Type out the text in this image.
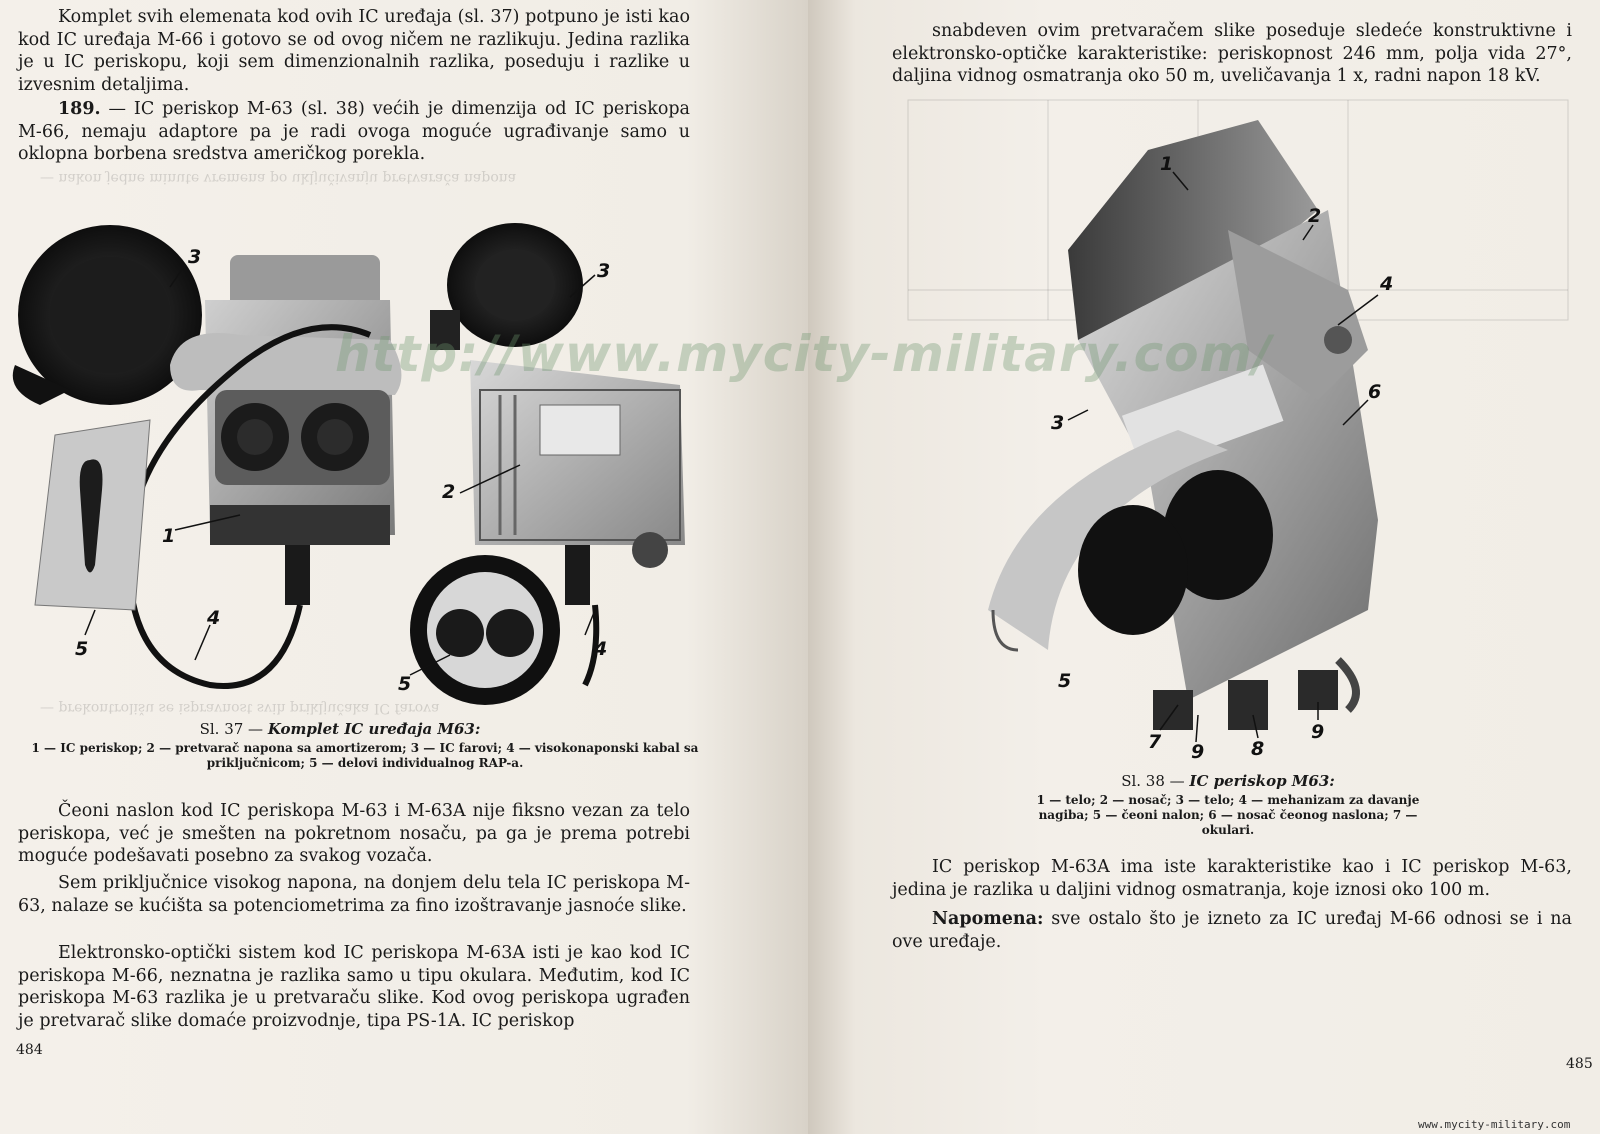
— nakon jedne minute vremena po uključivanju pretvarača napona
— prekontrolišu se ispravnost svih priključaka IC farova

Komplet svih elemenata kod ovih IC uređaja (sl. 37) potpuno je isti kao kod IC uređaja M-66 i gotovo se od ovog ničem ne razlikuju. Jedina razlika je u IC periskopu, koji sem dimenzionalnih razlika, poseduju i razlike u izvesnim detaljima.

189. — IC periskop M-63 (sl. 38) većih je dimenzija od IC periskopa M-66, nemaju adaptore pa je radi ovoga moguće ugrađivanje samo u oklopna borbena sredstva američkog porekla.

3
3
2
1
4
4
5
5

Sl. 37 — Komplet IC uređaja M63:

1 — IC periskop; 2 — pretvarač napona sa amortizerom; 3 — IC farovi; 4 — visokonaponski kabal sa priključnicom; 5 — delovi individualnog RAP-a.

Čeoni naslon kod IC periskopa M-63 i M-63A nije fiksno vezan za telo periskopa, već je smešten na pokretnom nosaču, pa ga je prema potrebi moguće podešavati posebno za svakog vozača.

Sem priključnice visokog napona, na donjem delu tela IC periskopa M-63, nalaze se kućišta sa potenciometrima za fino izoštravanje jasnoće slike.

Elektronsko-optički sistem kod IC periskopa M-63A isti je kao kod IC periskopa M-66, neznatna je razlika samo u tipu okulara. Međutim, kod IC periskopa M-63 razlika je u pretvaraču slike. Kod ovog periskopa ugrađen je pretvarač slike domaće proizvodnje, tipa PS-1A. IC periskop

484

snabdeven ovim pretvaračem slike poseduje sledeće konstruktivne i elektronsko-optičke karakteristike: periskopnost 246 mm, polja vida 27°, daljina vidnog osmatranja oko 50 m, uveličavanja 1 x, radni napon 18 kV.

1
2
4
6
3
5
7 9 8
9

Sl. 38 — IC periskop M63:

1 — telo; 2 — nosač; 3 — telo; 4 — mehanizam za davanje nagiba; 5 — čeoni nalon; 6 — nosač čeonog naslona; 7 — okulari.

IC periskop M-63A ima iste karakteristike kao i IC periskop M-63, jedina je razlika u daljini vidnog osmatranja, koje iznosi oko 100 m.

Napomena: sve ostalo što je izneto za IC uređaj M-66 odnosi se i na ove uređaje.

485
www.mycity-military.com
http://www.mycity-military.com/
